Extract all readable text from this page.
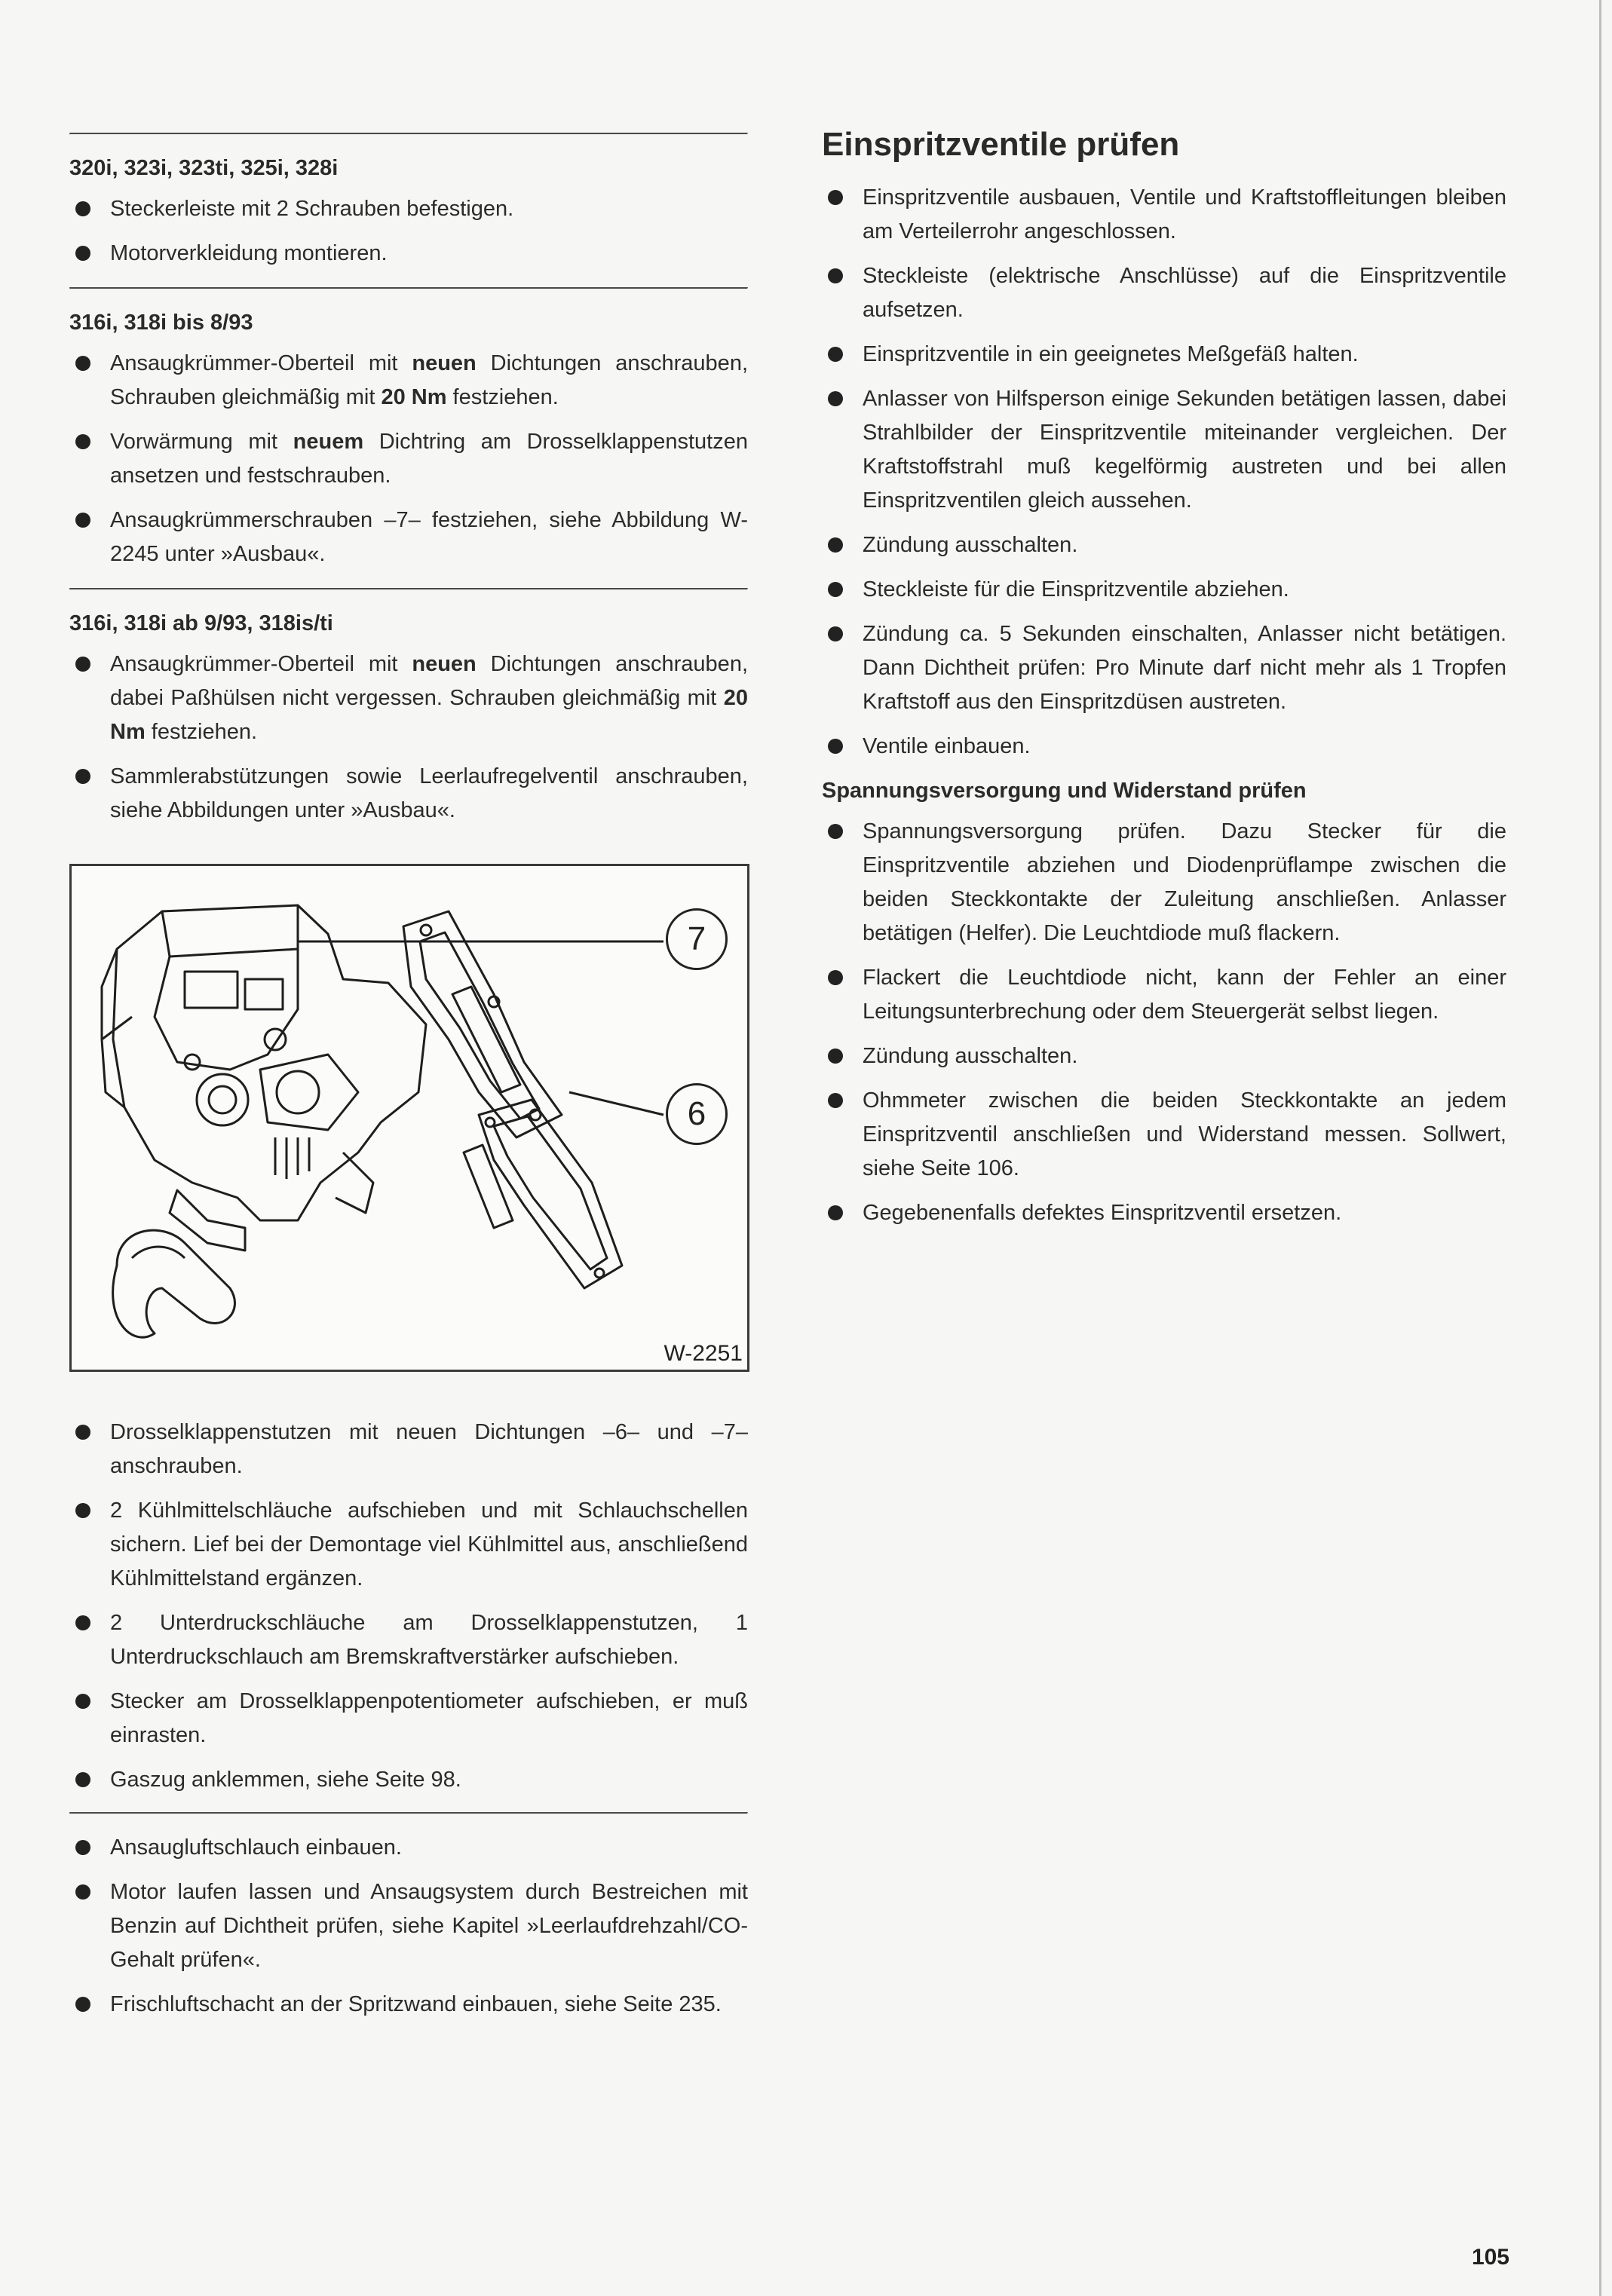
320i, 323i, 323ti, 325i, 328i
Steckerleiste mit 2 Schrauben befestigen.
Motorverkleidung montieren.
316i, 318i bis 8/93
Ansaugkrümmer-Oberteil mit neuen Dichtungen anschrauben, Schrauben gleichmäßig mit 20 Nm festziehen.
Vorwärmung mit neuem Dichtring am Drosselklappenstutzen ansetzen und festschrauben.
Ansaugkrümmerschrauben –7– festziehen, siehe Abbildung W-2245 unter »Ausbau«.
316i, 318i ab 9/93, 318is/ti
Ansaugkrümmer-Oberteil mit neuen Dichtungen anschrauben, dabei Paßhülsen nicht vergessen. Schrauben gleichmäßig mit 20 Nm festziehen.
Sammlerabstützungen sowie Leerlaufregelventil anschrauben, siehe Abbildungen unter »Ausbau«.
7
6
W-2251
Drosselklappenstutzen mit neuen Dichtungen –6– und –7– anschrauben.
2 Kühlmittelschläuche aufschieben und mit Schlauchschellen sichern. Lief bei der Demontage viel Kühlmittel aus, anschließend Kühlmittelstand ergänzen.
2 Unterdruckschläuche am Drosselklappenstutzen, 1 Unterdruckschlauch am Bremskraftverstärker aufschieben.
Stecker am Drosselklappenpotentiometer aufschieben, er muß einrasten.
Gaszug anklemmen, siehe Seite 98.
Ansaugluftschlauch einbauen.
Motor laufen lassen und Ansaugsystem durch Bestreichen mit Benzin auf Dichtheit prüfen, siehe Kapitel »Leerlaufdrehzahl/CO-Gehalt prüfen«.
Frischluftschacht an der Spritzwand einbauen, siehe Seite 235.
Einspritzventile prüfen
Einspritzventile ausbauen, Ventile und Kraftstoffleitungen bleiben am Verteilerrohr angeschlossen.
Steckleiste (elektrische Anschlüsse) auf die Einspritzventile aufsetzen.
Einspritzventile in ein geeignetes Meßgefäß halten.
Anlasser von Hilfsperson einige Sekunden betätigen lassen, dabei Strahlbilder der Einspritzventile miteinander vergleichen. Der Kraftstoffstrahl muß kegelförmig austreten und bei allen Einspritzventilen gleich aussehen.
Zündung ausschalten.
Steckleiste für die Einspritzventile abziehen.
Zündung ca. 5 Sekunden einschalten, Anlasser nicht betätigen. Dann Dichtheit prüfen: Pro Minute darf nicht mehr als 1 Tropfen Kraftstoff aus den Einspritzdüsen austreten.
Ventile einbauen.
Spannungsversorgung und Widerstand prüfen
Spannungsversorgung prüfen. Dazu Stecker für die Einspritzventile abziehen und Diodenprüflampe zwischen die beiden Steckkontakte der Zuleitung anschließen. Anlasser betätigen (Helfer). Die Leuchtdiode muß flackern.
Flackert die Leuchtdiode nicht, kann der Fehler an einer Leitungsunterbrechung oder dem Steuergerät selbst liegen.
Zündung ausschalten.
Ohmmeter zwischen die beiden Steckkontakte an jedem Einspritzventil anschließen und Widerstand messen. Sollwert, siehe Seite 106.
Gegebenenfalls defektes Einspritzventil ersetzen.
105
